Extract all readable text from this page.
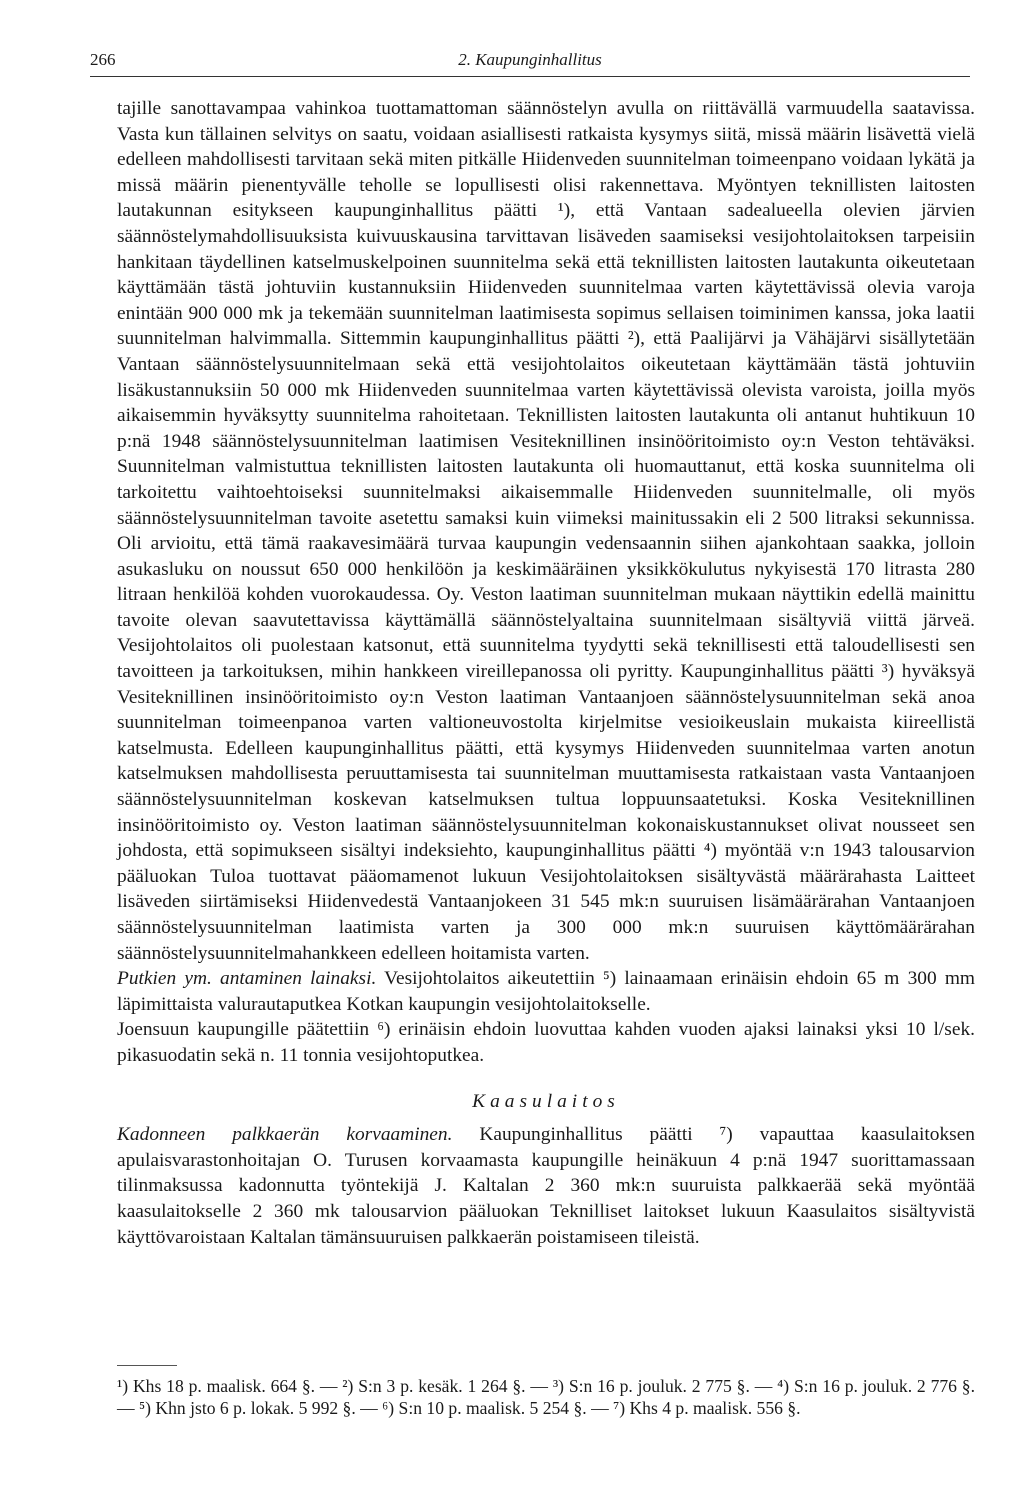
266	2. Kaupunginhallitus

tajille sanottavampaa vahinkoa tuottamattoman säännöstelyn avulla on riittävällä varmuudella saatavissa. Vasta kun tällainen selvitys on saatu, voidaan asiallisesti ratkaista kysymys siitä, missä määrin lisävettä vielä edelleen mahdollisesti tarvitaan sekä miten pitkälle Hiidenveden suunnitelman toimeenpano voidaan lykätä ja missä määrin pienentyvälle teholle se lopullisesti olisi rakennettava. Myöntyen teknillisten laitosten lautakunnan esitykseen kaupunginhallitus päätti ¹), että Vantaan sadealueella olevien järvien säännöstelymahdollisuuksista kuivuuskausina tarvittavan lisäveden saamiseksi vesijohtolaitoksen tarpeisiin hankitaan täydellinen katselmuskelpoinen suunnitelma sekä että teknillisten laitosten lautakunta oikeutetaan käyttämään tästä johtuviin kustannuksiin Hiidenveden suunnitelmaa varten käytettävissä olevia varoja enintään 900 000 mk ja tekemään suunnitelman laatimisesta sopimus sellaisen toiminimen kanssa, joka laatii suunnitelman halvimmalla. Sittemmin kaupunginhallitus päätti ²), että Paalijärvi ja Vähäjärvi sisällytetään Vantaan säännöstelysuunnitelmaan sekä että vesijohtolaitos oikeutetaan käyttämään tästä johtuviin lisäkustannuksiin 50 000 mk Hiidenveden suunnitelmaa varten käytettävissä olevista varoista, joilla myös aikaisemmin hyväksytty suunnitelma rahoitetaan. Teknillisten laitosten lautakunta oli antanut huhtikuun 10 p:nä 1948 säännöstelysuunnitelman laatimisen Vesiteknillinen insinööritoimisto oy:n Veston tehtäväksi. Suunnitelman valmistuttua teknillisten laitosten lautakunta oli huomauttanut, että koska suunnitelma oli tarkoitettu vaihtoehtoiseksi suunnitelmaksi aikaisemmalle Hiidenveden suunnitelmalle, oli myös säännöstelysuunnitelman tavoite asetettu samaksi kuin viimeksi mainitussakin eli 2 500 litraksi sekunnissa. Oli arvioitu, että tämä raakavesimäärä turvaa kaupungin vedensaannin siihen ajankohtaan saakka, jolloin asukasluku on noussut 650 000 henkilöön ja keskimääräinen yksikkökulutus nykyisestä 170 litrasta 280 litraan henkilöä kohden vuorokaudessa. Oy. Veston laatiman suunnitelman mukaan näyttikin edellä mainittu tavoite olevan saavutettavissa käyttämällä säännöstelyaltaina suunnitelmaan sisältyviä viittä järveä. Vesijohtolaitos oli puolestaan katsonut, että suunnitelma tyydytti sekä teknillisesti että taloudellisesti sen tavoitteen ja tarkoituksen, mihin hankkeen vireillepanossa oli pyritty. Kaupunginhallitus päätti ³) hyväksyä Vesiteknillinen insinööritoimisto oy:n Veston laatiman Vantaanjoen säännöstelysuunnitelman sekä anoa suunnitelman toimeenpanoa varten valtioneuvostolta kirjelmitse vesioikeuslain mukaista kiireellistä katselmusta. Edelleen kaupunginhallitus päätti, että kysymys Hiidenveden suunnitelmaa varten anotun katselmuksen mahdollisesta peruuttamisesta tai suunnitelman muuttamisesta ratkaistaan vasta Vantaanjoen säännöstelysuunnitelman koskevan katselmuksen tultua loppuunsaatetuksi. Koska Vesiteknillinen insinööritoimisto oy. Veston laatiman säännöstelysuunnitelman kokonaiskustannukset olivat nousseet sen johdosta, että sopimukseen sisältyi indeksiehto, kaupunginhallitus päätti ⁴) myöntää v:n 1943 talousarvion pääluokan Tuloa tuottavat pääomamenot lukuun Vesijohtolaitoksen sisältyvästä määrärahasta Laitteet lisäveden siirtämiseksi Hiidenvedestä Vantaanjokeen 31 545 mk:n suuruisen lisämäärärahan Vantaanjoen säännöstelysuunnitelman laatimista varten ja 300 000 mk:n suuruisen käyttömäärärahan säännöstelysuunnitelmahankkeen edelleen hoitamista varten.

Putkien ym. antaminen lainaksi. Vesijohtolaitos aikeutettiin ⁵) lainaamaan erinäisin ehdoin 65 m 300 mm läpimittaista valurautaputkea Kotkan kaupungin vesijohtolaitokselle.

Joensuun kaupungille päätettiin ⁶) erinäisin ehdoin luovuttaa kahden vuoden ajaksi lainaksi yksi 10 l/sek. pikasuodatin sekä n. 11 tonnia vesijohtoputkea.

Kaasulaitos

Kadonneen palkkaerän korvaaminen. Kaupunginhallitus päätti ⁷) vapauttaa kaasulaitoksen apulaisvarastonhoitajan O. Turusen korvaamasta kaupungille heinäkuun 4 p:nä 1947 suorittamassaan tilinmaksussa kadonnutta työntekijä J. Kaltalan 2 360 mk:n suuruista palkkaerää sekä myöntää kaasulaitokselle 2 360 mk talousarvion pääluokan Teknilliset laitokset lukuun Kaasulaitos sisältyvistä käyttövaroistaan Kaltalan tämänsuuruisen palkkaerän poistamiseen tileistä.

¹) Khs 18 p. maalisk. 664 §. — ²) S:n 3 p. kesäk. 1 264 §. — ³) S:n 16 p. jouluk. 2 775 §. — ⁴) S:n 16 p. jouluk. 2 776 §. — ⁵) Khn jsto 6 p. lokak. 5 992 §. — ⁶) S:n 10 p. maalisk. 5 254 §. — ⁷) Khs 4 p. maalisk. 556 §.
